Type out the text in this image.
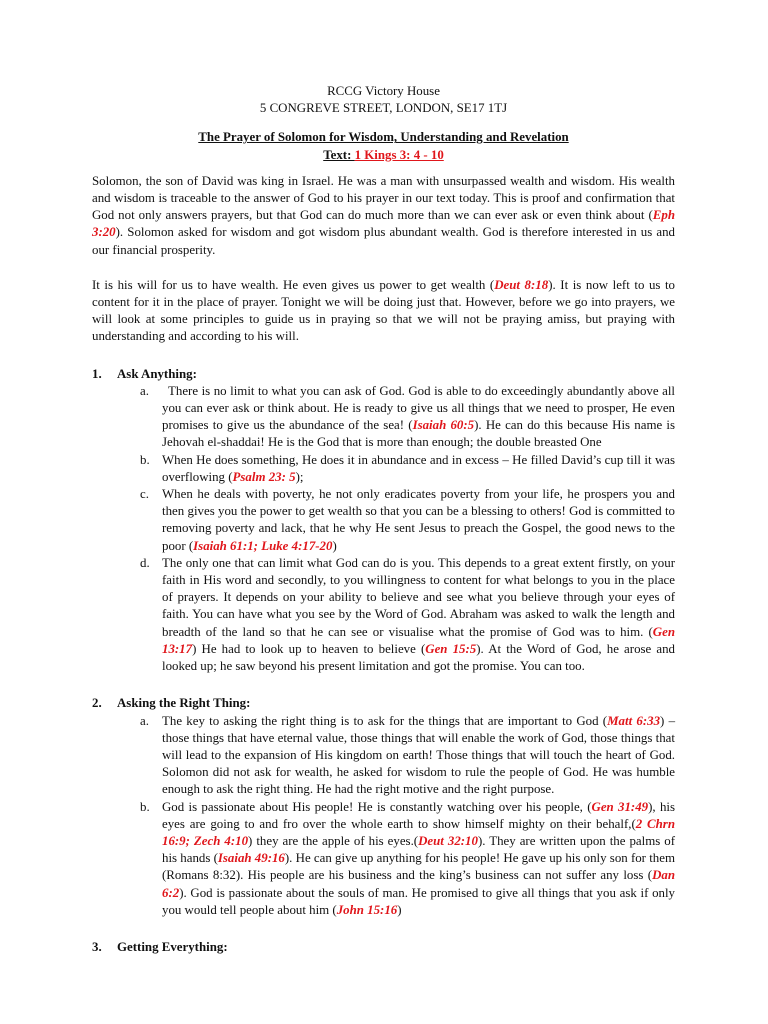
RCCG Victory House
5 CONGREVE STREET, LONDON, SE17 1TJ
The Prayer of Solomon for Wisdom, Understanding and Revelation
Text: 1 Kings 3: 4 - 10

Solomon, the son of David was king in Israel. He was a man with unsurpassed wealth and wisdom. His wealth and wisdom is traceable to the answer of God to his prayer in our text today. This is proof and confirmation that God not only answers prayers, but that God can do much more than we can ever ask or even think about (Eph 3:20). Solomon asked for wisdom and got wisdom plus abundant wealth. God is therefore interested in us and our financial prosperity.

It is his will for us to have wealth. He even gives us power to get wealth (Deut 8:18). It is now left to us to content for it in the place of prayer. Tonight we will be doing just that. However, before we go into prayers, we will look at some principles to guide us in praying so that we will not be praying amiss, but praying with understanding and according to his will.

1.	Ask Anything:
a.	There is no limit to what you can ask of God. God is able to do exceedingly abundantly above all you can ever ask or think about. He is ready to give us all things that we need to prosper, He even promises to give us the abundance of the sea! (Isaiah 60:5). He can do this because His name is Jehovah el-shaddai! He is the God that is more than enough; the double breasted One
b. When He does something, He does it in abundance and in excess – He filled David’s cup till it was overflowing (Psalm 23: 5);
c.	When he deals with poverty, he not only eradicates poverty from your life, he prospers you and then gives you the power to get wealth so that you can be a blessing to others! God is committed to removing poverty and lack, that he why He sent Jesus to preach the Gospel, the good news to the poor (Isaiah 61:1; Luke 4:17-20)
d. The only one that can limit what God can do is you. This depends to a great extent firstly, on your faith in His word and secondly, to you willingness to content for what belongs to you in the place of prayers. It depends on your ability to believe and see what you believe through your eyes of faith. You can have what you see by the Word of God. Abraham was asked to walk the length and breadth of the land so that he can see or visualise what the promise of God was to him. (Gen 13:17) He had to look up to heaven to believe (Gen 15:5). At the Word of God, he arose and looked up; he saw beyond his present limitation and got the promise. You can too.
2.	Asking the Right Thing:
a.	The key to asking the right thing is to ask for the things that are important to God (Matt 6:33) – those things that have eternal value, those things that will enable the work of God, those things that will lead to the expansion of His kingdom on earth! Those things that will touch the heart of God. Solomon did not ask for wealth, he asked for wisdom to rule the people of God. He was humble enough to ask the right thing. He had the right motive and the right purpose.
b. God is passionate about His people! He is constantly watching over his people, (Gen 31:49), his eyes are going to and fro over the whole earth to show himself mighty on their behalf,(2 Chrn 16:9; Zech 4:10) they are the apple of his eyes.(Deut 32:10). They are written upon the palms of his hands (Isaiah 49:16). He can give up anything for his people! He gave up his only son for them (Romans 8:32). His people are his business and the king’s business can not suffer any loss (Dan 6:2). God is passionate about the souls of man. He promised to give all things that you ask if only you would tell people about him (John 15:16)
3.	Getting Everything:
